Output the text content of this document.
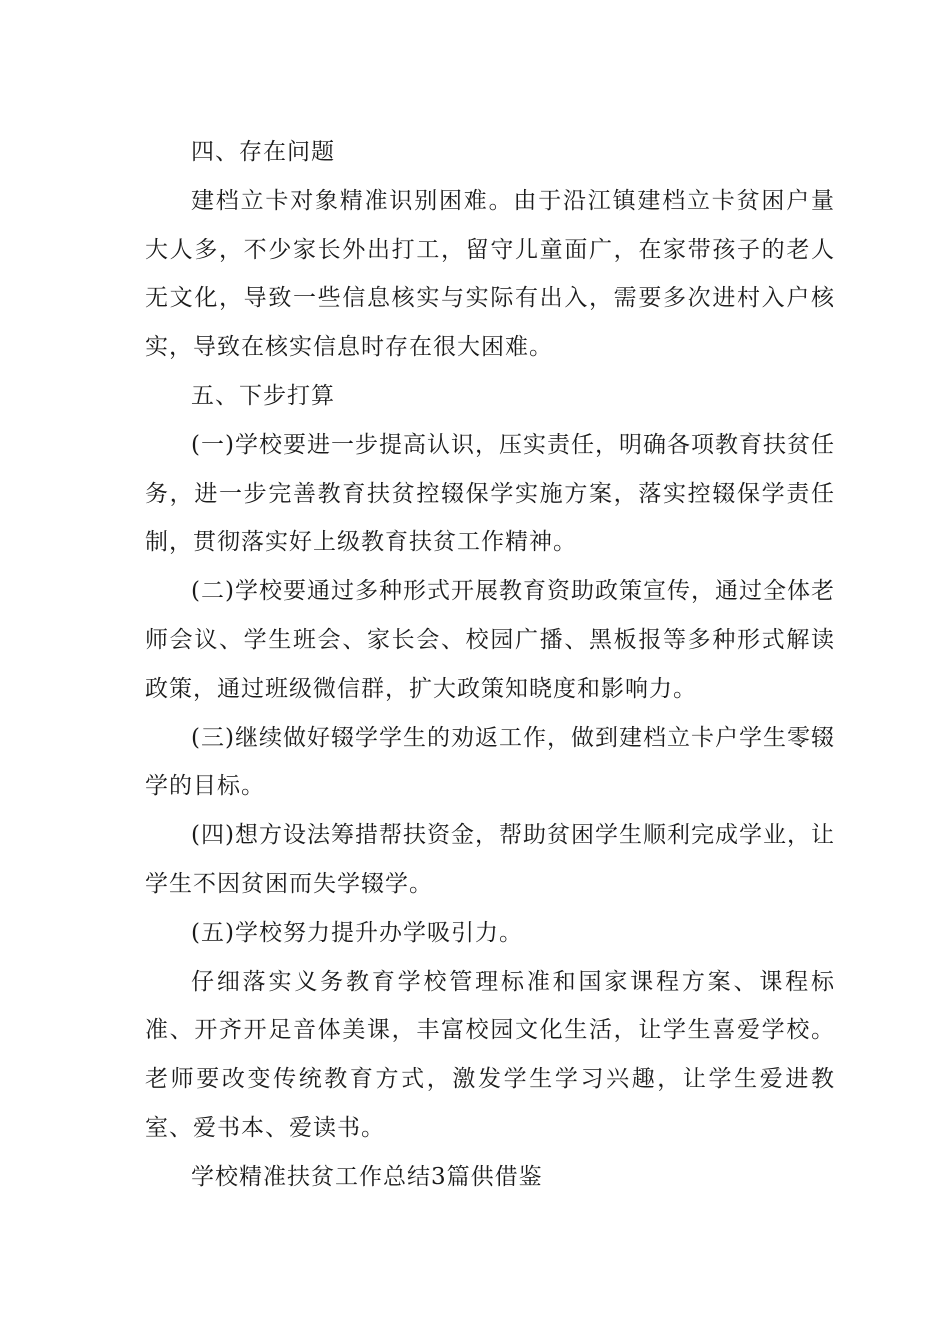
四、存在问题

建档立卡对象精准识别困难。由于沿江镇建档立卡贫困户量大人多，不少家长外出打工，留守儿童面广，在家带孩子的老人无文化，导致一些信息核实与实际有出入，需要多次进村入户核实，导致在核实信息时存在很大困难。

五、下步打算

(一)学校要进一步提高认识，压实责任，明确各项教育扶贫任务，进一步完善教育扶贫控辍保学实施方案，落实控辍保学责任制，贯彻落实好上级教育扶贫工作精神。

(二)学校要通过多种形式开展教育资助政策宣传，通过全体老师会议、学生班会、家长会、校园广播、黑板报等多种形式解读政策，通过班级微信群，扩大政策知晓度和影响力。

(三)继续做好辍学学生的劝返工作，做到建档立卡户学生零辍学的目标。

(四)想方设法筹措帮扶资金，帮助贫困学生顺利完成学业，让学生不因贫困而失学辍学。

(五)学校努力提升办学吸引力。

仔细落实义务教育学校管理标准和国家课程方案、课程标准、开齐开足音体美课，丰富校园文化生活，让学生喜爱学校。老师要改变传统教育方式，激发学生学习兴趣，让学生爱进教室、爱书本、爱读书。

学校精准扶贫工作总结3篇供借鉴
